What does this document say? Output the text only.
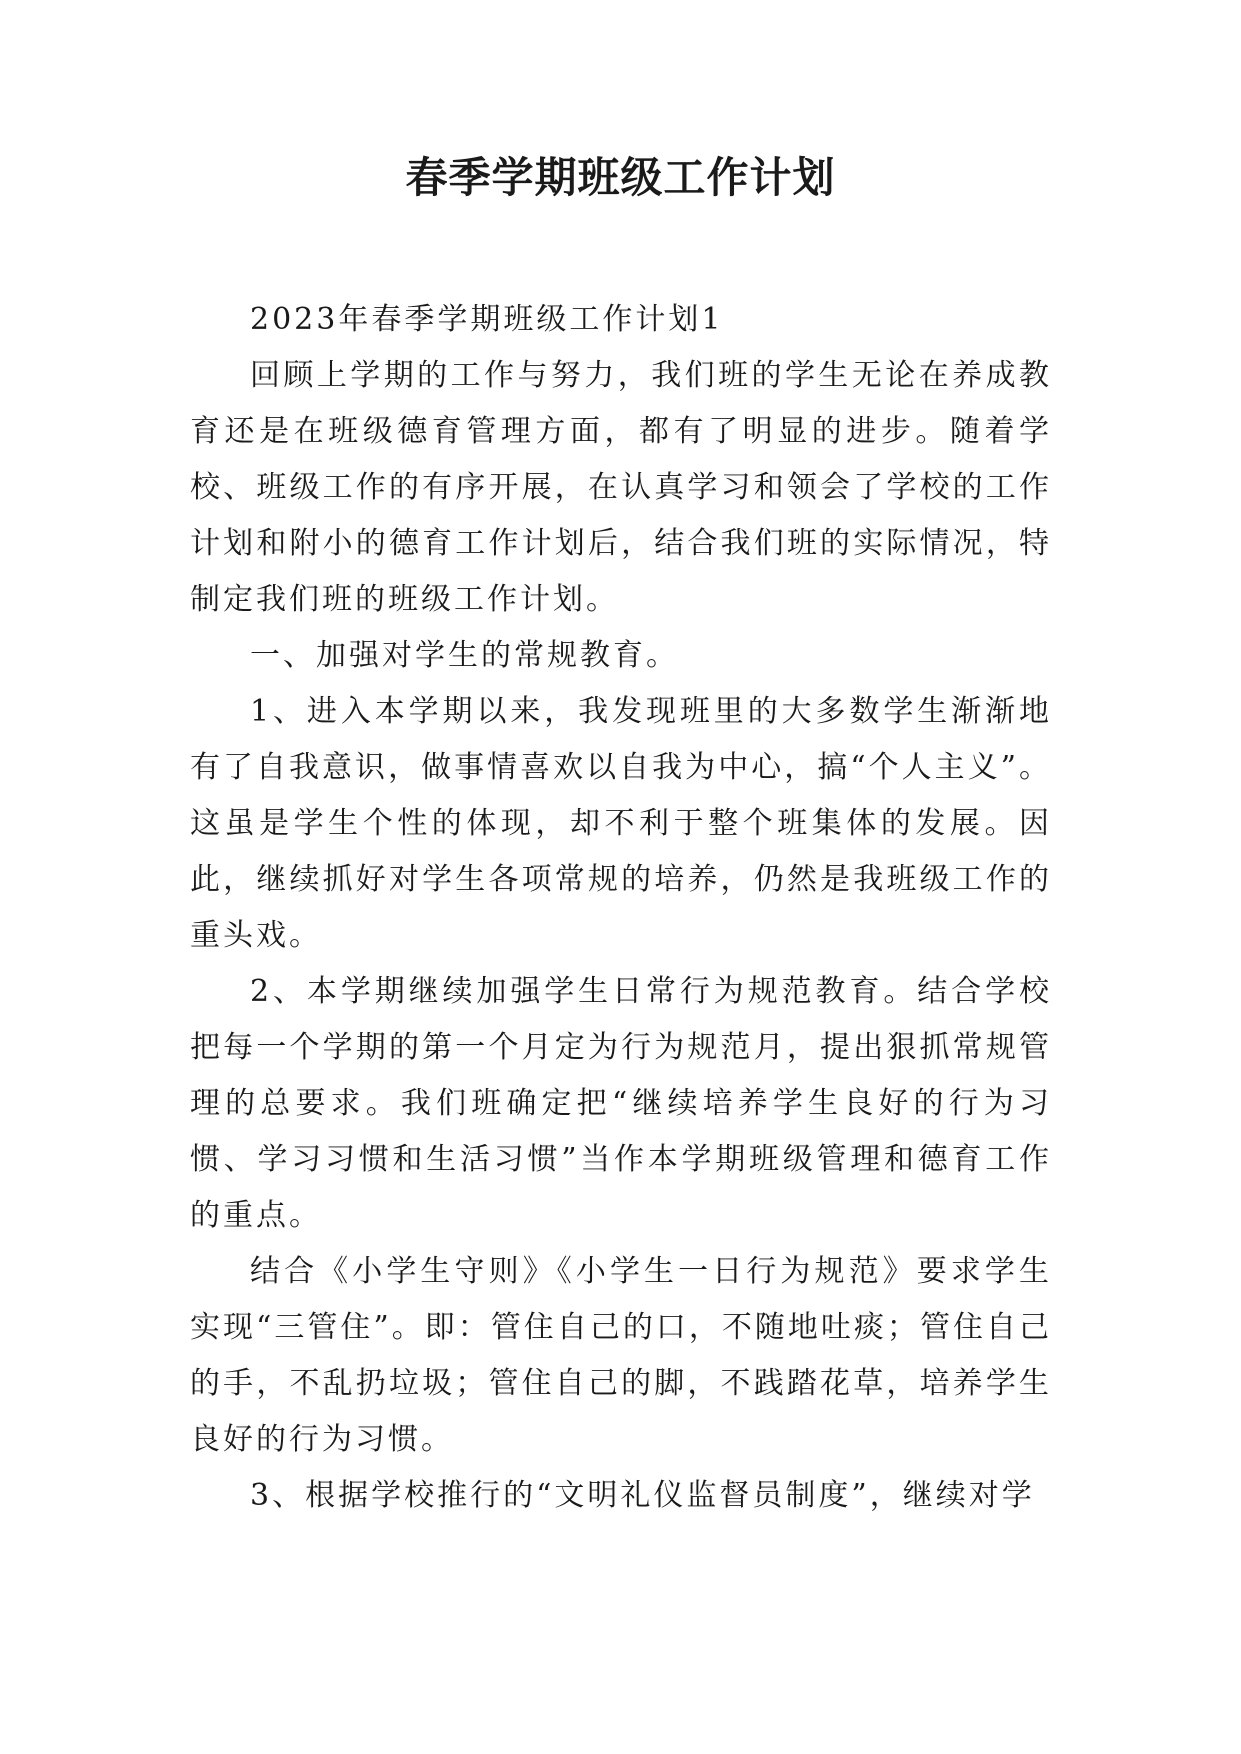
春季学期班级工作计划

2023年春季学期班级工作计划1

回顾上学期的工作与努力，我们班的学生无论在养成教育还是在班级德育管理方面，都有了明显的进步。随着学校、班级工作的有序开展，在认真学习和领会了学校的工作计划和附小的德育工作计划后，结合我们班的实际情况，特制定我们班的班级工作计划。

一、加强对学生的常规教育。

1、进入本学期以来，我发现班里的大多数学生渐渐地有了自我意识，做事情喜欢以自我为中心，搞“个人主义”。这虽是学生个性的体现，却不利于整个班集体的发展。因此，继续抓好对学生各项常规的培养，仍然是我班级工作的重头戏。

2、本学期继续加强学生日常行为规范教育。结合学校把每一个学期的第一个月定为行为规范月，提出狠抓常规管理的总要求。我们班确定把“继续培养学生良好的行为习惯、学习习惯和生活习惯”当作本学期班级管理和德育工作的重点。

结合《小学生守则》《小学生一日行为规范》要求学生实现“三管住”。即：管住自己的口，不随地吐痰；管住自己的手，不乱扔垃圾；管住自己的脚，不践踏花草，培养学生良好的行为习惯。

3、根据学校推行的“文明礼仪监督员制度”，继续对学
